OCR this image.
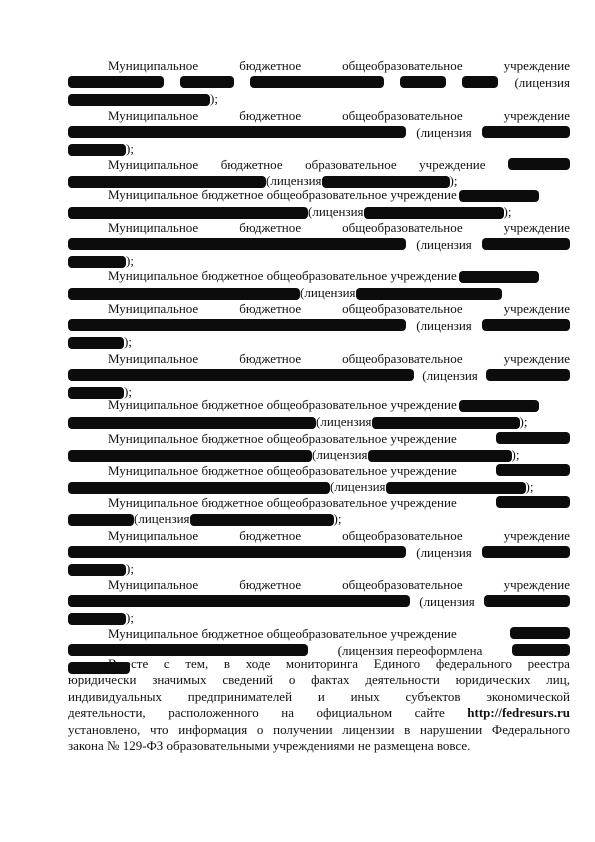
Муниципальное	бюджетное	общеобразовательное	учреждение
(лицензия
);
Муниципальное	бюджетное	общеобразовательное	учреждение
(лицензия
);
Муниципальное бюджетное образовательное учреждение
(лицензия	);
Муниципальное бюджетное общеобразовательное учреждение
(лицензия	);
Муниципальное	бюджетное	общеобразовательное	учреждение
(лицензия
);
Муниципальное бюджетное общеобразовательное учреждение
(лицензия
Муниципальное	бюджетное	общеобразовательное	учреждение
(лицензия
);
Муниципальное	бюджетное	общеобразовательное	учреждение
(лицензия
);
Муниципальное бюджетное общеобразовательное учреждение
(лицензия	);
Муниципальное бюджетное общеобразовательное учреждение
(лицензия	);
Муниципальное бюджетное общеобразовательное учреждение
(лицензия	);
Муниципальное бюджетное общеобразовательное учреждение
(лицензия	);
Муниципальное	бюджетное	общеобразовательное	учреждение
(лицензия
);
Муниципальное	бюджетное	общеобразовательное	учреждение
(лицензия
);
Муниципальное бюджетное общеобразовательное учреждение
(лицензия переоформлена
Вместе с тем, в ходе мониторинга Единого федерального реестра
юридически значимых сведений о фактах деятельности юридических лиц,
индивидуальных предпринимателей и иных субъектов экономической
деятельности, расположенного на официальном сайте http://fedresurs.ru
установлено, что информация о получении лицензии в нарушении Федерального
закона № 129-ФЗ образовательными учреждениями не размещена вовсе.
